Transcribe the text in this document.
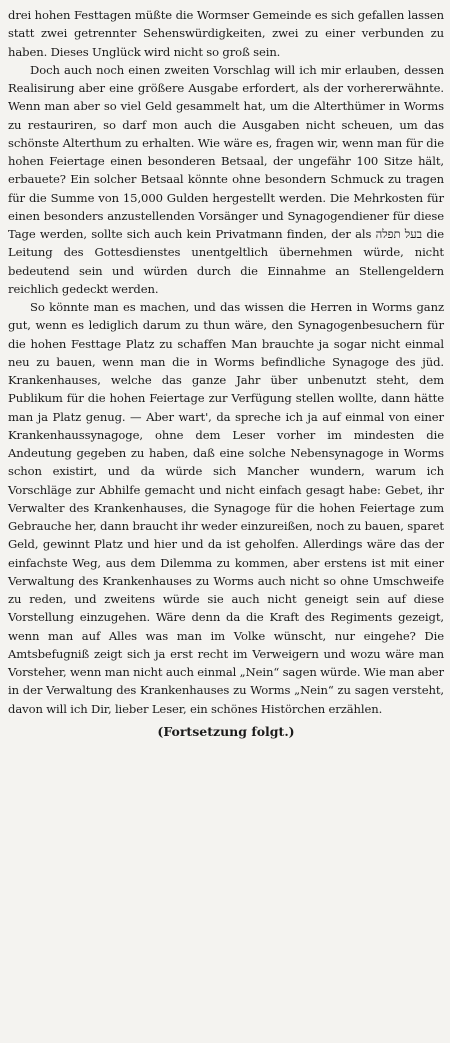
drei hohen Festtagen müßte die Wormser Gemeinde es sich gefallen lassen statt zwei getrennter Sehenswürdigkeiten, zwei zu einer verbunden zu haben. Dieses Unglück wird nicht so groß sein.

Doch auch noch einen zweiten Vorschlag will ich mir erlauben, dessen Realisirung aber eine größere Ausgabe erfordert, als der vorhererwähnte. Wenn man aber so viel Geld gesammelt hat, um die Alterthümer in Worms zu restauriren, so darf mon auch die Ausgaben nicht scheuen, um das schönste Alterthum zu erhalten. Wie wäre es, fragen wir, wenn man für die hohen Feiertage einen besonderen Betsaal, der ungefähr 100 Sitze hält, erbauete? Ein solcher Betsaal könnte ohne besondern Schmuck zu tragen für die Summe von 15,000 Gulden hergestellt werden. Die Mehrkosten für einen besonders anzustellenden Vorsänger und Synagogendiener für diese Tage werden, sollte sich auch kein Privatmann finden, der als בעל תפלה die Leitung des Gottesdienstes unentgeltlich übernehmen würde, nicht bedeutend sein und würden durch die Einnahme an Stellengeldern reichlich gedeckt werden.

So könnte man es machen, und das wissen die Herren in Worms ganz gut, wenn es lediglich darum zu thun wäre, den Synagogenbesuchern für die hohen Festtage Platz zu schaffen Man brauchte ja sogar nicht einmal neu zu bauen, wenn man die in Worms befindliche Synagoge des jüd. Krankenhauses, welche das ganze Jahr über unbenutzt steht, dem Publikum für die hohen Feiertage zur Verfügung stellen wollte, dann hätte man ja Platz genug. — Aber wart', da spreche ich ja auf einmal von einer Krankenhaussynagoge, ohne dem Leser vorher im mindesten die Andeutung gegeben zu haben, daß eine solche Nebensynagoge in Worms schon existirt, und da würde sich Mancher wundern, warum ich Vorschläge zur Abhilfe gemacht und nicht einfach gesagt habe: Gebet, ihr Verwalter des Krankenhauses, die Synagoge für die hohen Feiertage zum Gebrauche her, dann braucht ihr weder einzureißen, noch zu bauen, sparet Geld, gewinnt Platz und hier und da ist geholfen. Allerdings wäre das der einfachste Weg, aus dem Dilemma zu kommen, aber erstens ist mit einer Verwaltung des Krankenhauses zu Worms auch nicht so ohne Umschweife zu reden, und zweitens würde sie auch nicht geneigt sein auf diese Vorstellung einzugehen. Wäre denn da die Kraft des Regiments gezeigt, wenn man auf Alles was man im Volke wünscht, nur eingehe? Die Amtsbefugniß zeigt sich ja erst recht im Verweigern und wozu wäre man Vorsteher, wenn man nicht auch einmal „Nein“ sagen würde. Wie man aber in der Verwaltung des Krankenhauses zu Worms „Nein“ zu sagen versteht, davon will ich Dir, lieber Leser, ein schönes Histörchen erzählen.

(Fortsetzung folgt.)
